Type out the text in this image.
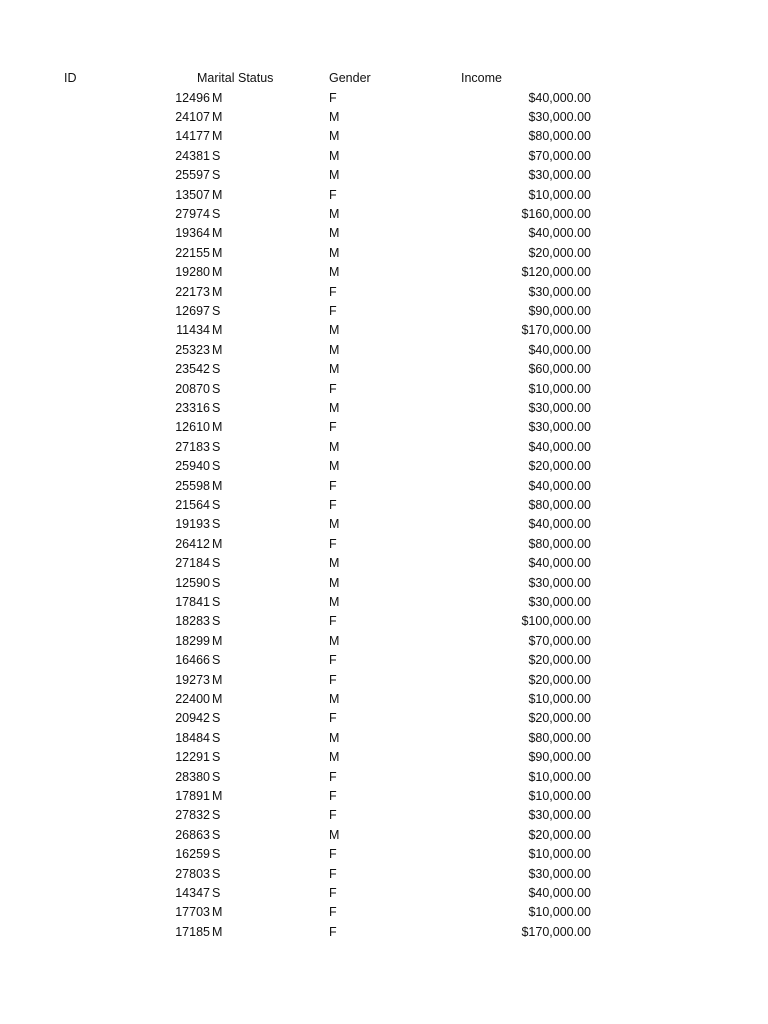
ID	Marital Status	Gender	Income
12496 M	F	$40,000.00
24107 M	M	$30,000.00
14177 M	M	$80,000.00
24381 S	M	$70,000.00
25597 S	M	$30,000.00
13507 M	F	$10,000.00
27974 S	M	$160,000.00
19364 M	M	$40,000.00
22155 M	M	$20,000.00
19280 M	M	$120,000.00
22173 M	F	$30,000.00
12697 S	F	$90,000.00
11434 M	M	$170,000.00
25323 M	M	$40,000.00
23542 S	M	$60,000.00
20870 S	F	$10,000.00
23316 S	M	$30,000.00
12610 M	F	$30,000.00
27183 S	M	$40,000.00
25940 S	M	$20,000.00
25598 M	F	$40,000.00
21564 S	F	$80,000.00
19193 S	M	$40,000.00
26412 M	F	$80,000.00
27184 S	M	$40,000.00
12590 S	M	$30,000.00
17841 S	M	$30,000.00
18283 S	F	$100,000.00
18299 M	M	$70,000.00
16466 S	F	$20,000.00
19273 M	F	$20,000.00
22400 M	M	$10,000.00
20942 S	F	$20,000.00
18484 S	M	$80,000.00
12291 S	M	$90,000.00
28380 S	F	$10,000.00
17891 M	F	$10,000.00
27832 S	F	$30,000.00
26863 S	M	$20,000.00
16259 S	F	$10,000.00
27803 S	F	$30,000.00
14347 S	F	$40,000.00
17703 M	F	$10,000.00
17185 M	F	$170,000.00
